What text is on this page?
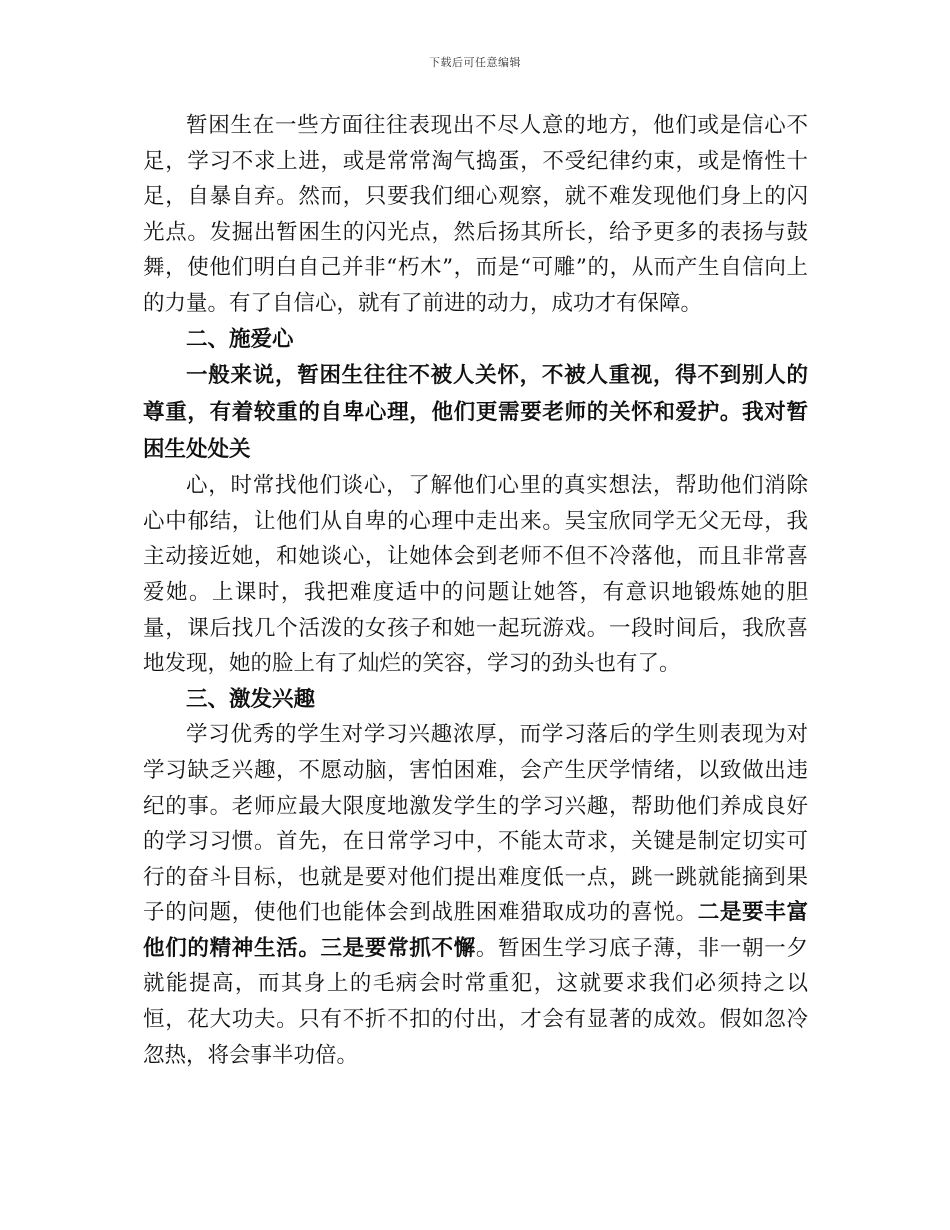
下载后可任意编辑

暂困生在一些方面往往表现出不尽人意的地方，他们或是信心不足，学习不求上进，或是常常淘气捣蛋，不受纪律约束，或是惰性十足，自暴自弃。然而，只要我们细心观察，就不难发现他们身上的闪光点。发掘出暂困生的闪光点，然后扬其所长，给予更多的表扬与鼓舞，使他们明白自己并非“朽木”，而是“可雕”的，从而产生自信向上的力量。有了自信心，就有了前进的动力，成功才有保障。

二、施爱心

一般来说，暂困生往往不被人关怀，不被人重视，得不到别人的尊重，有着较重的自卑心理，他们更需要老师的关怀和爱护。我对暂困生处处关

心，时常找他们谈心，了解他们心里的真实想法，帮助他们消除心中郁结，让他们从自卑的心理中走出来。吴宝欣同学无父无母，我主动接近她，和她谈心，让她体会到老师不但不冷落他，而且非常喜爱她。上课时，我把难度适中的问题让她答，有意识地锻炼她的胆量，课后找几个活泼的女孩子和她一起玩游戏。一段时间后，我欣喜地发现，她的脸上有了灿烂的笑容，学习的劲头也有了。

三、激发兴趣

学习优秀的学生对学习兴趣浓厚，而学习落后的学生则表现为对学习缺乏兴趣，不愿动脑，害怕困难，会产生厌学情绪，以致做出违纪的事。老师应最大限度地激发学生的学习兴趣，帮助他们养成良好的学习习惯。首先，在日常学习中，不能太苛求，关键是制定切实可行的奋斗目标，也就是要对他们提出难度低一点，跳一跳就能摘到果子的问题，使他们也能体会到战胜困难猎取成功的喜悦。二是要丰富他们的精神生活。三是要常抓不懈。暂困生学习底子薄，非一朝一夕就能提高，而其身上的毛病会时常重犯，这就要求我们必须持之以恒，花大功夫。只有不折不扣的付出，才会有显著的成效。假如忽冷忽热，将会事半功倍。
